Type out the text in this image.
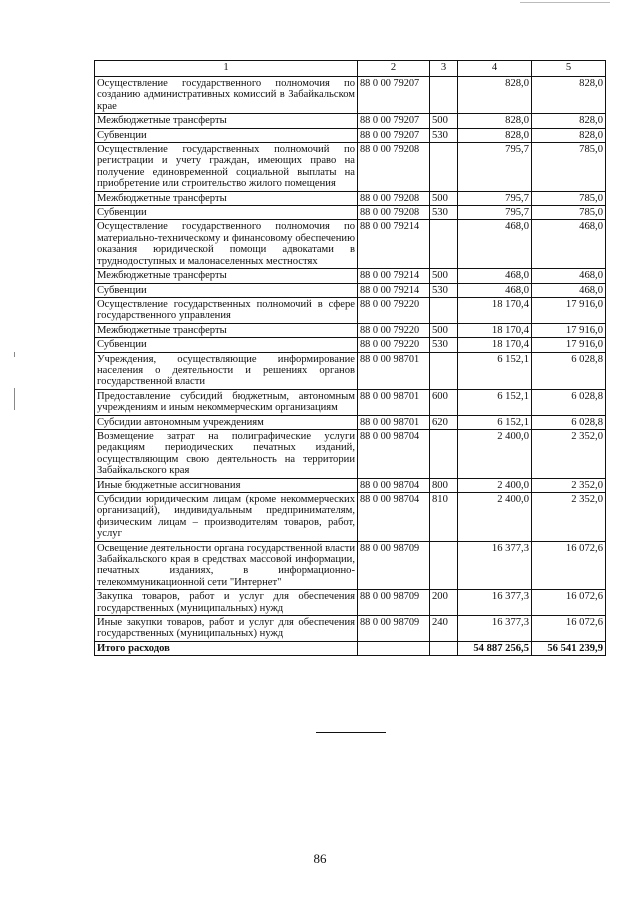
1	2	3	4	5
Осуществление государственного полномочия по созданию административных комиссий в Забайкальском крае	88 0 00 79207		828,0	828,0
Межбюджетные трансферты	88 0 00 79207	500	828,0	828,0
Субвенции	88 0 00 79207	530	828,0	828,0
Осуществление государственных полномочий по регистрации и учету граждан, имеющих право на получение единовременной социальной выплаты на приобретение или строительство жилого помещения	88 0 00 79208		795,7	785,0
Межбюджетные трансферты	88 0 00 79208	500	795,7	785,0
Субвенции	88 0 00 79208	530	795,7	785,0
Осуществление государственного полномочия по материально-техническому и финансовому обеспечению оказания юридической помощи адвокатами в труднодоступных и малонаселенных местностях	88 0 00 79214		468,0	468,0
Межбюджетные трансферты	88 0 00 79214	500	468,0	468,0
Субвенции	88 0 00 79214	530	468,0	468,0
Осуществление государственных полномочий в сфере государственного управления	88 0 00 79220		18 170,4	17 916,0
Межбюджетные трансферты	88 0 00 79220	500	18 170,4	17 916,0
Субвенции	88 0 00 79220	530	18 170,4	17 916,0
Учреждения, осуществляющие информирование населения о деятельности и решениях органов государственной власти	88 0 00 98701		6 152,1	6 028,8
Предоставление субсидий бюджетным, автономным учреждениям и иным некоммерческим организациям	88 0 00 98701	600	6 152,1	6 028,8
Субсидии автономным учреждениям	88 0 00 98701	620	6 152,1	6 028,8
Возмещение затрат на полиграфические услуги редакциям периодических печатных изданий, осуществляющим свою деятельность на территории Забайкальского края	88 0 00 98704		2 400,0	2 352,0
Иные бюджетные ассигнования	88 0 00 98704	800	2 400,0	2 352,0
Субсидии юридическим лицам (кроме некоммерческих организаций), индивидуальным предпринимателям, физическим лицам – производителям товаров, работ, услуг	88 0 00 98704	810	2 400,0	2 352,0
Освещение деятельности органа государственной власти Забайкальского края в средствах массовой информации, печатных изданиях, в информационно-телекоммуникационной сети "Интернет"	88 0 00 98709		16 377,3	16 072,6
Закупка товаров, работ и услуг для обеспечения государственных (муниципальных) нужд	88 0 00 98709	200	16 377,3	16 072,6
Иные закупки товаров, работ и услуг для обеспечения государственных (муниципальных) нужд	88 0 00 98709	240	16 377,3	16 072,6
Итого расходов			54 887 256,5	56 541 239,9
86
